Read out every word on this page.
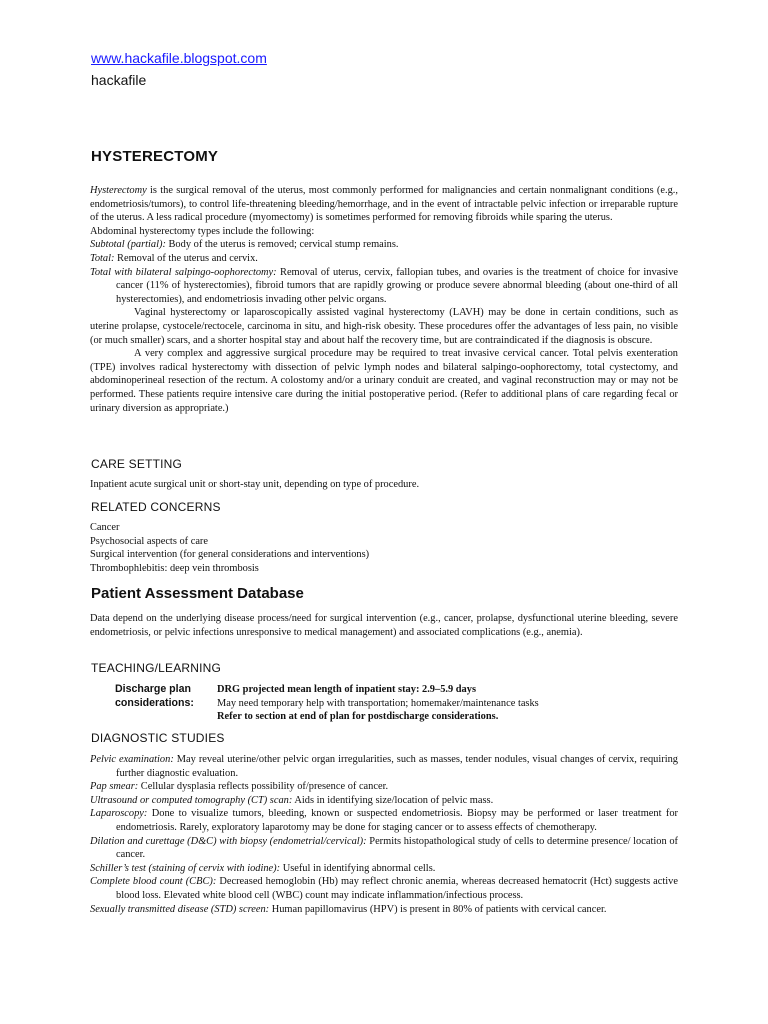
www.hackafile.blogspot.com
hackafile
HYSTERECTOMY

Hysterectomy is the surgical removal of the uterus, most commonly performed for malignancies and certain nonmalignant conditions (e.g., endometriosis/tumors), to control life-threatening bleeding/hemorrhage, and in the event of intractable pelvic infection or irreparable rupture of the uterus. A less radical procedure (myomectomy) is sometimes performed for removing fibroids while sparing the uterus.

Abdominal hysterectomy types include the following:

Subtotal (partial): Body of the uterus is removed; cervical stump remains.

Total: Removal of the uterus and cervix.

Total with bilateral salpingo-oophorectomy: Removal of uterus, cervix, fallopian tubes, and ovaries is the treatment of choice for invasive cancer (11% of hysterectomies), fibroid tumors that are rapidly growing or produce severe abnormal bleeding (about one-third of all hysterectomies), and endometriosis invading other pelvic organs.

Vaginal hysterectomy or laparoscopically assisted vaginal hysterectomy (LAVH) may be done in certain conditions, such as uterine prolapse, cystocele/rectocele, carcinoma in situ, and high-risk obesity. These procedures offer the advantages of less pain, no visible (or much smaller) scars, and a shorter hospital stay and about half the recovery time, but are contraindicated if the diagnosis is obscure.

A very complex and aggressive surgical procedure may be required to treat invasive cervical cancer. Total pelvis exenteration (TPE) involves radical hysterectomy with dissection of pelvic lymph nodes and bilateral salpingo-oophorectomy, total cystectomy, and abdominoperineal resection of the rectum. A colostomy and/or a urinary conduit are created, and vaginal reconstruction may or may not be performed. These patients require intensive care during the initial postoperative period. (Refer to additional plans of care regarding fecal or urinary diversion as appropriate.)

CARE SETTING
Inpatient acute surgical unit or short-stay unit, depending on type of procedure.
RELATED CONCERNS
Cancer
Psychosocial aspects of care
Surgical intervention (for general considerations and interventions)
Thrombophlebitis: deep vein thrombosis
Patient Assessment Database

Data depend on the underlying disease process/need for surgical intervention (e.g., cancer, prolapse, dysfunctional uterine bleeding, severe endometriosis, or pelvic infections unresponsive to medical management) and associated complications (e.g., anemia).

TEACHING/LEARNING
Discharge plan
considerations:
DRG projected mean length of inpatient stay: 2.9–5.9 days
May need temporary help with transportation; homemaker/maintenance tasks
Refer to section at end of plan for postdischarge considerations.
DIAGNOSTIC STUDIES

Pelvic examination: May reveal uterine/other pelvic organ irregularities, such as masses, tender nodules, visual changes of cervix, requiring further diagnostic evaluation.

Pap smear: Cellular dysplasia reflects possibility of/presence of cancer.

Ultrasound or computed tomography (CT) scan: Aids in identifying size/location of pelvic mass.

Laparoscopy: Done to visualize tumors, bleeding, known or suspected endometriosis. Biopsy may be performed or laser treatment for endometriosis. Rarely, exploratory laparotomy may be done for staging cancer or to assess effects of chemotherapy.

Dilation and curettage (D&C) with biopsy (endometrial/cervical): Permits histopathological study of cells to determine presence/ location of cancer.

Schiller’s test (staining of cervix with iodine): Useful in identifying abnormal cells.

Complete blood count (CBC): Decreased hemoglobin (Hb) may reflect chronic anemia, whereas decreased hematocrit (Hct) suggests active blood loss. Elevated white blood cell (WBC) count may indicate inflammation/infectious process.

Sexually transmitted disease (STD) screen: Human papillomavirus (HPV) is present in 80% of patients with cervical cancer.
